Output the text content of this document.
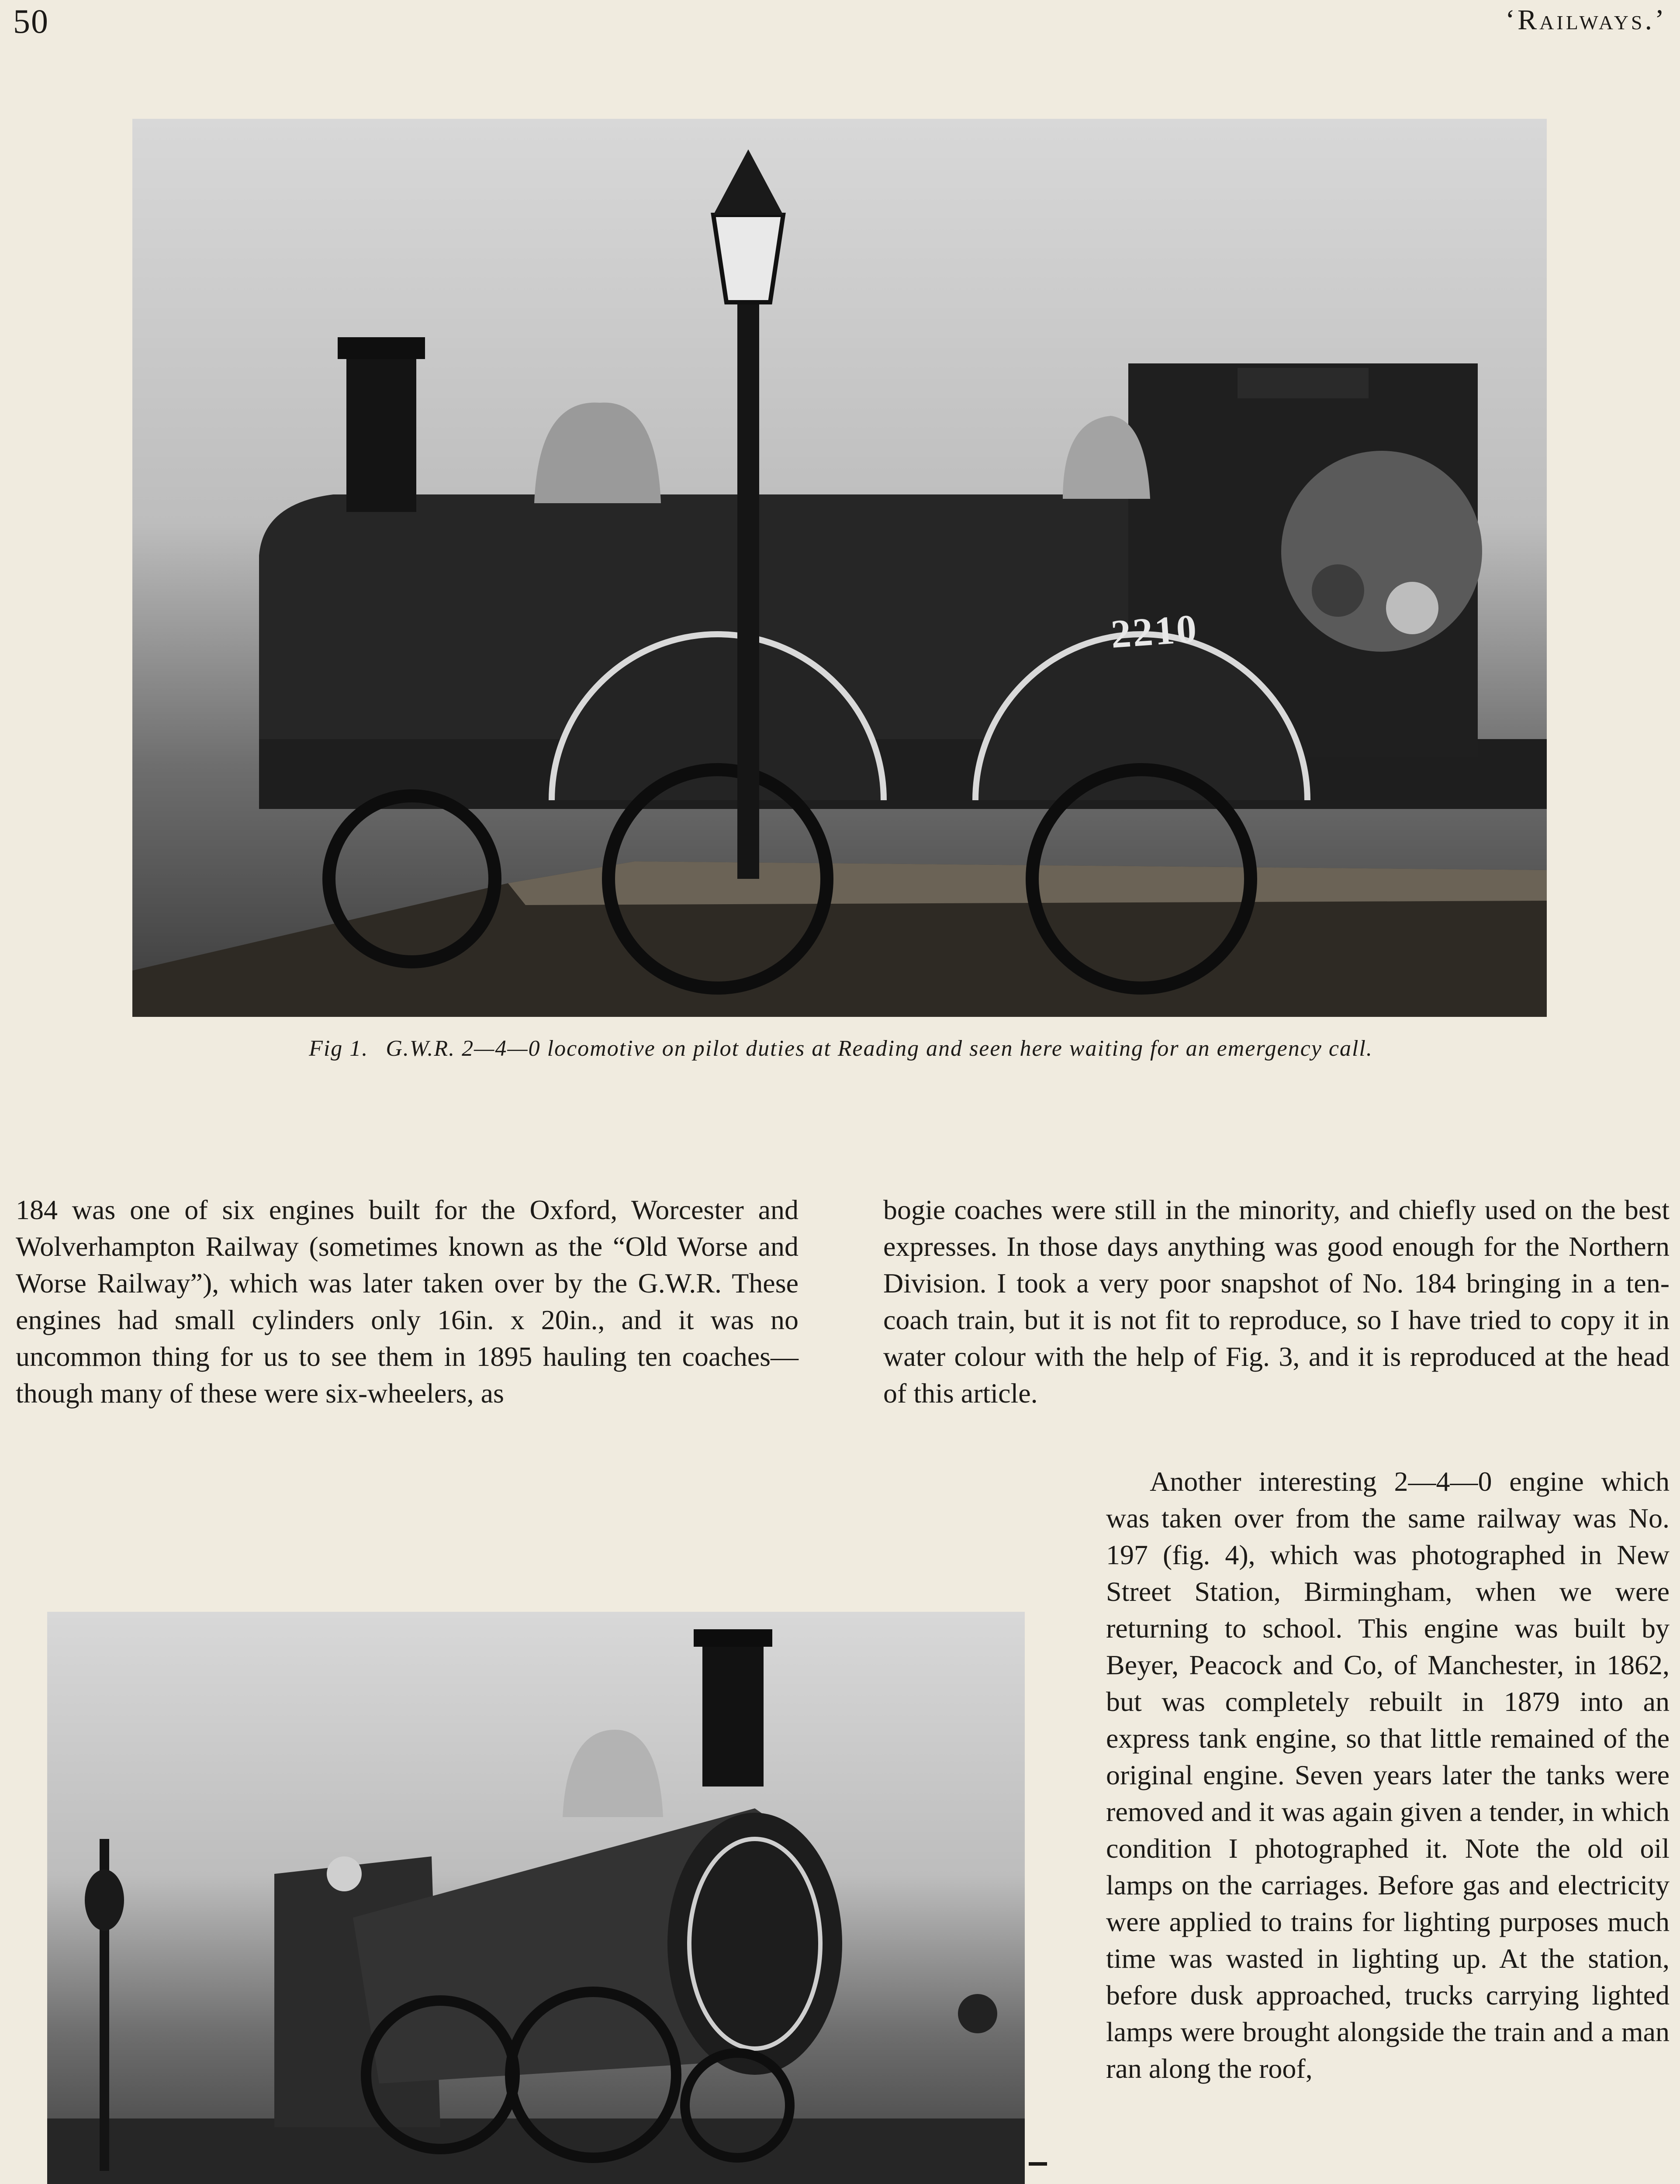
50	‘Railways.’
2210
Fig 1. G.W.R. 2—4—0 locomotive on pilot duties at Reading and seen here waiting for an emergency call.

184 was one of six engines built for the Oxford, Worcester and Wolverhampton Railway (sometimes known as the “Old Worse and Worse Railway”), which was later taken over by the G.W.R. These engines had small cylinders only 16in. x 20in., and it was no uncommon thing for us to see them in 1895 hauling ten coaches—though many of these were six-wheelers, as

bogie coaches were still in the minority, and chiefly used on the best expresses. In those days anything was good enough for the Northern Division. I took a very poor snapshot of No. 184 bringing in a ten-coach train, but it is not fit to reproduce, so I have tried to copy it in water colour with the help of Fig. 3, and it is reproduced at the head of this article.

Another interesting 2—4—0 engine which was taken over from the same railway was No. 197 (fig. 4), which was photographed in New Street Station, Birmingham, when we were returning to school. This engine was built by Beyer, Peacock and Co, of Manchester, in 1862, but was completely rebuilt in 1879 into an express tank engine, so that little remained of the original engine. Seven years later the tanks were removed and it was again given a tender, in which condition I photographed it. Note the old oil lamps on the carriages. Before gas and electricity were applied to trains for lighting purposes much time was wasted in lighting up. At the station, before dusk approached, trucks carrying lighted lamps were brought alongside the train and a man ran along the roof,
